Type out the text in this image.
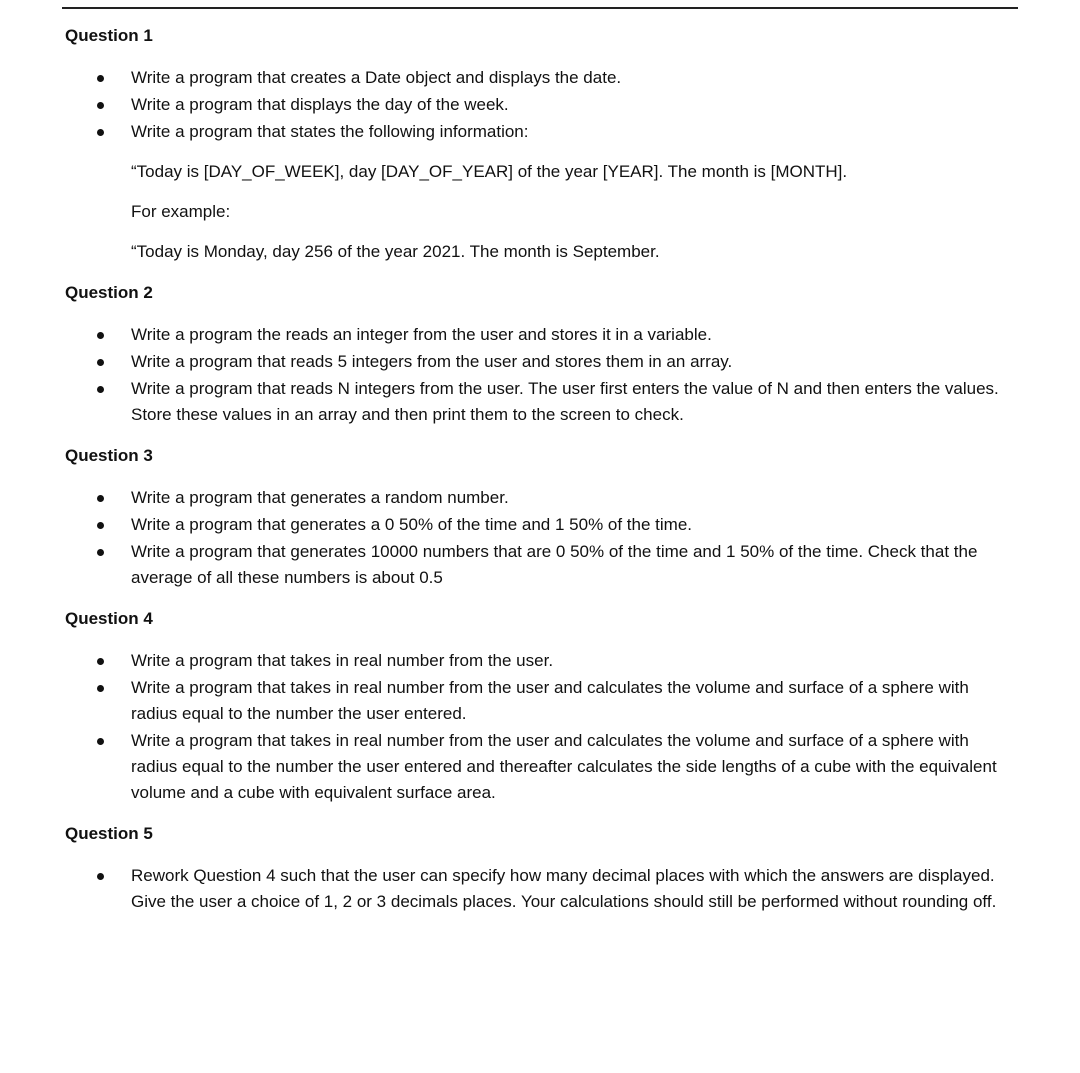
Question 1
Write a program that creates a Date object and displays the date.
Write a program that displays the day of the week.
Write a program that states the following information:
“Today is [DAY_OF_WEEK], day [DAY_OF_YEAR] of the year [YEAR]. The month is [MONTH].
For example:
“Today is Monday, day 256 of the year 2021. The month is September.
Question 2
Write a program the reads an integer from the user and stores it in a variable.
Write a program that reads 5 integers from the user and stores them in an array.
Write a program that reads N integers from the user. The user first enters the value of N and then enters the values. Store these values in an array and then print them to the screen to check.
Question 3
Write a program that generates a random number.
Write a program that generates a 0 50% of the time and 1 50% of the time.
Write a program that generates 10000 numbers that are 0 50% of the time and 1 50% of the time. Check that the average of all these numbers is about 0.5
Question 4
Write a program that takes in real number from the user.
Write a program that takes in real number from the user and calculates the volume and surface of a sphere with radius equal to the number the user entered.
Write a program that takes in real number from the user and calculates the volume and surface of a sphere with radius equal to the number the user entered and thereafter calculates the side lengths of a cube with the equivalent volume and a cube with equivalent surface area.
Question 5
Rework Question 4 such that the user can specify how many decimal places with which the answers are displayed. Give the user a choice of 1, 2 or 3 decimals places. Your calculations should still be performed without rounding off.
